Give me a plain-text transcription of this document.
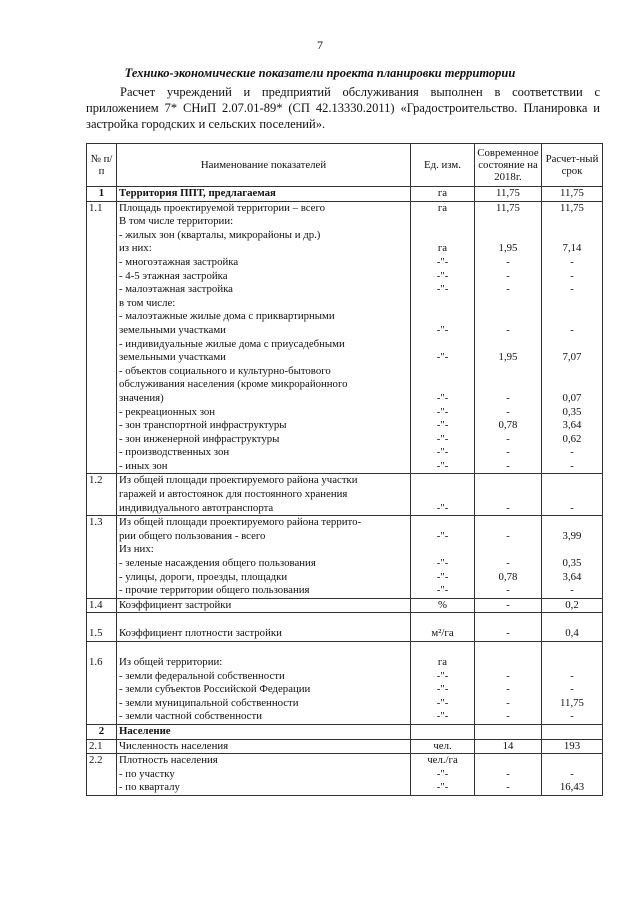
7
Технико-экономические показатели проекта планировки территории

Расчет учреждений и предприятий обслуживания выполнен в соответствии с приложением 7* СНиП 2.07.01-89* (СП 42.13330.2011) «Градостроительство. Планировка и застройка городских и сельских поселений».

№ п/п	Наименование показателей	Ед. изм.	Современное состояние на 2018г.	Расчет-ный срок
1	Территория ППТ, предлагаемая	га	11,75	11,75
1.1	Площадь проектируемой территории – всего	га	11,75	11,75
	В том числе территории:			
	- жилых зон (кварталы, микрорайоны и др.)			
	из них:	га	1,95	7,14
	- многоэтажная застройка	-"-	-	-
	- 4-5 этажная застройка	-"-	-	-
	- малоэтажная застройка	-"-	-	-
	в том числе:			
	- малоэтажные жилые дома с приквартирными			
	земельными участками	-"-	-	-
	- индивидуальные жилые дома с приусадебными			
	земельными участками	-"-	1,95	7,07
	- объектов социального и культурно-бытового			
	обслуживания населения (кроме микрорайонного			
	значения)	-"-	-	0,07
	- рекреационных зон	-"-	-	0,35
	- зон транспортной инфраструктуры	-"-	0,78	3,64
	- зон инженерной инфраструктуры	-"-	-	0,62
	- производственных зон	-"-	-	-
	- иных зон	-"-	-	-
1.2	Из общей площади проектируемого района участки			
	гаражей и автостоянок для постоянного хранения			
	индивидуального автотранспорта	-"-	-	-
1.3	Из общей площади проектируемого района террито-			
	рии общего пользования - всего	-"-	-	3,99
	Из них:			
	- зеленые насаждения общего пользования	-"-	-	0,35
	- улицы, дороги, проезды, площадки	-"-	0,78	3,64
	- прочие территории общего пользования	-"-	-	-
1.4	Коэффициент застройки	%	-	0,2

1.5	Коэффициент плотности застройки	м²/га	-	0,4

1.6	Из общей территории:	га		
	- земли федеральной собственности	-"-	-	-
	- земли субъектов Российской Федерации	-"-	-	-
	- земли муниципальной собственности	-"-	-	11,75
	- земли частной собственности	-"-	-	-
2	Население			
2.1	Численность населения	чел.	14	193
2.2	Плотность населения	чел./га		
	- по участку	-"-	-	-
	- по кварталу	-"-	-	16,43
